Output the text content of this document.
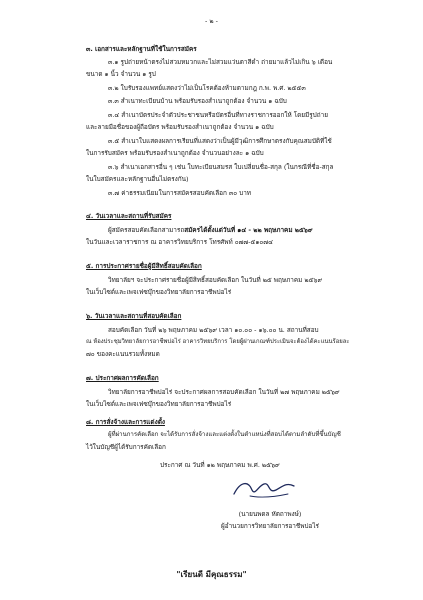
- ๒ -
๓. เอกสารและหลักฐานที่ใช้ในการสมัคร
๓.๑ รูปถ่ายหน้าตรงไม่สวมหมวกและไม่สวมแว่นตาสีดำ ถ่ายมาแล้วไม่เกิน ๖ เดือน
ขนาด ๑ นิ้ว จำนวน ๑ รูป
๓.๒ ใบรับรองแพทย์แสดงว่าไม่เป็นโรคต้องห้ามตามกฎ ก.พ. พ.ศ. ๒๕๕๓
๓.๓ สำเนาทะเบียนบ้าน พร้อมรับรองสำเนาถูกต้อง จำนวน ๑ ฉบับ
๓.๔ สำเนาบัตรประจำตัวประชาชนหรือบัตรอื่นที่ทางราชการออกให้ โดยมีรูปถ่าย
และลายมือชื่อของผู้ถือบัตร พร้อมรับรองสำเนาถูกต้อง จำนวน ๑ ฉบับ
๓.๕ สำเนาใบแสดงผลการเรียนที่แสดงว่าเป็นผู้มีวุฒิการศึกษาตรงกับคุณสมบัติที่ใช้
ในการรับสมัคร พร้อมรับรองสำเนาถูกต้อง จำนวนอย่างละ ๑ ฉบับ
๓.๖ สำเนาเอกสารอื่น ๆ เช่น ใบทะเบียนสมรส ใบเปลี่ยนชื่อ-สกุล (ในกรณีที่ชื่อ-สกุล
ในใบสมัครและหลักฐานอื่นไม่ตรงกัน)
๓.๗ ค่าธรรมเนียมในการสมัครสอบคัดเลือก ๓๐ บาท
๔. วันเวลาและสถานที่รับสมัคร
ผู้สมัครสอบคัดเลือกสามารถสมัครได้ตั้งแต่วันที่ ๑๔ - ๒๒ พฤษภาคม ๒๕๖๙
ในวันและเวลาราชการ ณ อาคารวิทยบริการ โทรศัพท์ ๐๗๗-๕๑๐๗๔
๕. การประกาศรายชื่อผู้มีสิทธิ์สอบคัดเลือก
วิทยาลัยฯ จะประกาศรายชื่อผู้มีสิทธิ์สอบคัดเลือก ในวันที่ ๒๕ พฤษภาคม ๒๕๖๙
ในเว็บไซต์และเพจเฟซบุ๊กของวิทยาลัยการอาชีพบ่อไร่
๖. วันเวลาและสถานที่สอบคัดเลือก
สอบคัดเลือก วันที่ ๒๖ พฤษภาคม ๒๕๖๙ เวลา ๑๐.๐๐ - ๑๖.๐๐ น. สถานที่สอบ
ณ ห้องประชุมวิทยาลัยการอาชีพบ่อไร่ อาคารวิทยบริการ โดยผู้ผ่านเกณฑ์ประเมินจะต้องได้คะแนนร้อยละ
๗๐ ของคะแนนรวมทั้งหมด
๗. ประกาศผลการคัดเลือก
วิทยาลัยการอาชีพบ่อไร่ จะประกาศผลการสอบคัดเลือก ในวันที่ ๒๗ พฤษภาคม ๒๕๖๙
ในเว็บไซต์และเพจเฟซบุ๊กของวิทยาลัยการอาชีพบ่อไร่
๘. การสั่งจ้างและการแต่งตั้ง
ผู้ที่ผ่านการคัดเลือก จะได้รับการสั่งจ้างและแต่งตั้งในตำแหน่งที่สอบได้ตามลำดับที่ขึ้นบัญชี
ไว้ในบัญชีผู้ได้รับการคัดเลือก
ประกาศ ณ วันที่ ๑๒ พฤษภาคม พ.ศ. ๒๕๖๙
(นายนพดล หัตถาพงษ์)
ผู้อำนวยการวิทยาลัยการอาชีพบ่อไร่
"เรียนดี มีคุณธรรม"
